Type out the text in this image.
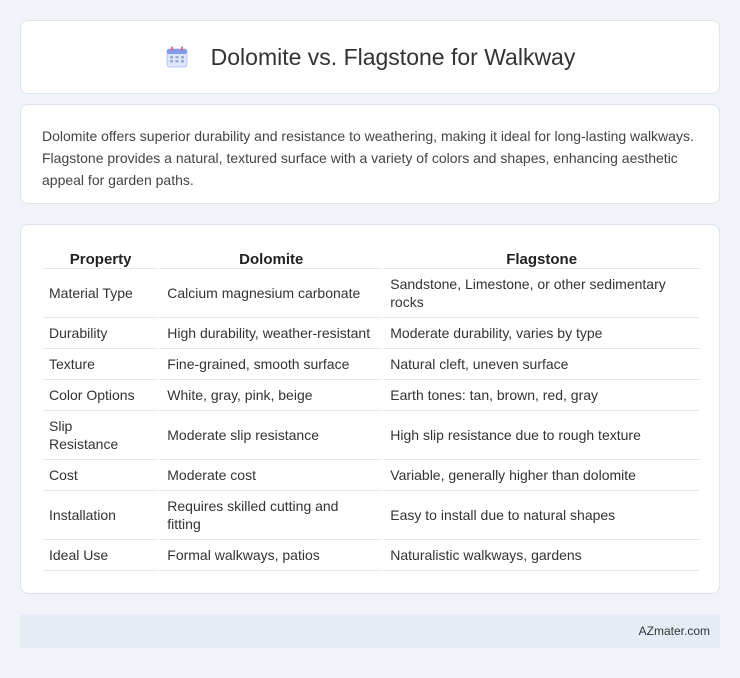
Dolomite vs. Flagstone for Walkway

Dolomite offers superior durability and resistance to weathering, making it ideal for long-lasting walkways. Flagstone provides a natural, textured surface with a variety of colors and shapes, enhancing aesthetic appeal for garden paths.

Property	Dolomite	Flagstone
Material Type	Calcium magnesium carbonate	Sandstone, Limestone, or other sedimentary rocks
Durability	High durability, weather-resistant	Moderate durability, varies by type
Texture	Fine-grained, smooth surface	Natural cleft, uneven surface
Color Options	White, gray, pink, beige	Earth tones: tan, brown, red, gray
Slip Resistance	Moderate slip resistance	High slip resistance due to rough texture
Cost	Moderate cost	Variable, generally higher than dolomite
Installation	Requires skilled cutting and fitting	Easy to install due to natural shapes
Ideal Use	Formal walkways, patios	Naturalistic walkways, gardens
AZmater.com
